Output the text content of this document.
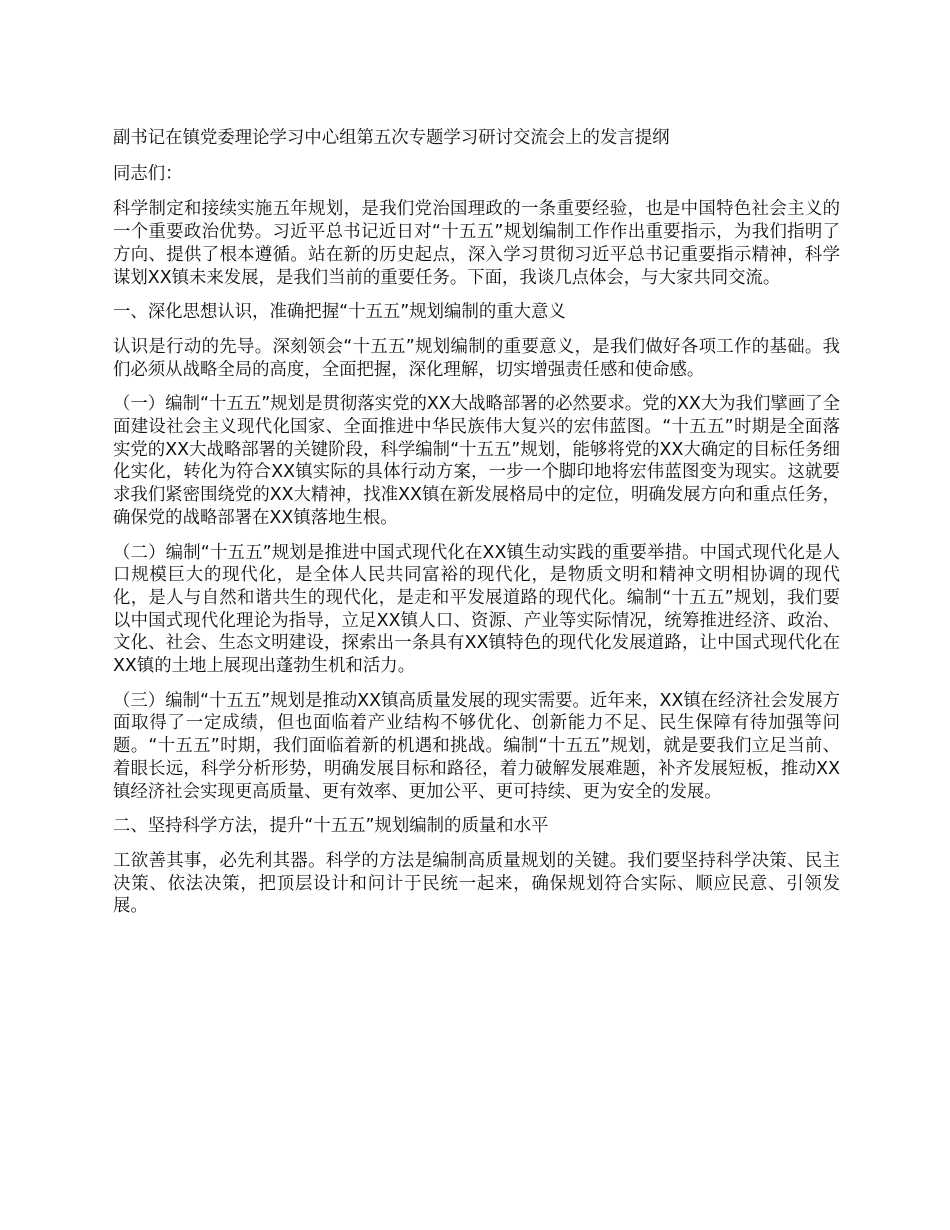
副书记在镇党委理论学习中心组第五次专题学习研讨交流会上的发言提纲

同志们：

科学制定和接续实施五年规划，是我们党治国理政的一条重要经验，也是中国特色社会主义的一个重要政治优势。习近平总书记近日对“十五五”规划编制工作作出重要指示，为我们指明了方向、提供了根本遵循。站在新的历史起点，深入学习贯彻习近平总书记重要指示精神，科学谋划XX镇未来发展，是我们当前的重要任务。下面，我谈几点体会，与大家共同交流。

一、深化思想认识，准确把握“十五五”规划编制的重大意义

认识是行动的先导。深刻领会“十五五”规划编制的重要意义，是我们做好各项工作的基础。我们必须从战略全局的高度，全面把握，深化理解，切实增强责任感和使命感。

（一）编制“十五五”规划是贯彻落实党的XX大战略部署的必然要求。党的XX大为我们擘画了全面建设社会主义现代化国家、全面推进中华民族伟大复兴的宏伟蓝图。“十五五”时期是全面落实党的XX大战略部署的关键阶段，科学编制“十五五”规划，能够将党的XX大确定的目标任务细化实化，转化为符合XX镇实际的具体行动方案，一步一个脚印地将宏伟蓝图变为现实。这就要求我们紧密围绕党的XX大精神，找准XX镇在新发展格局中的定位，明确发展方向和重点任务，确保党的战略部署在XX镇落地生根。

（二）编制“十五五”规划是推进中国式现代化在XX镇生动实践的重要举措。中国式现代化是人口规模巨大的现代化，是全体人民共同富裕的现代化，是物质文明和精神文明相协调的现代化，是人与自然和谐共生的现代化，是走和平发展道路的现代化。编制“十五五”规划，我们要以中国式现代化理论为指导，立足XX镇人口、资源、产业等实际情况，统筹推进经济、政治、文化、社会、生态文明建设，探索出一条具有XX镇特色的现代化发展道路，让中国式现代化在XX镇的土地上展现出蓬勃生机和活力。

（三）编制“十五五”规划是推动XX镇高质量发展的现实需要。近年来，XX镇在经济社会发展方面取得了一定成绩，但也面临着产业结构不够优化、创新能力不足、民生保障有待加强等问题。“十五五”时期，我们面临着新的机遇和挑战。编制“十五五”规划，就是要我们立足当前、着眼长远，科学分析形势，明确发展目标和路径，着力破解发展难题，补齐发展短板，推动XX镇经济社会实现更高质量、更有效率、更加公平、更可持续、更为安全的发展。

二、坚持科学方法，提升“十五五”规划编制的质量和水平

工欲善其事，必先利其器。科学的方法是编制高质量规划的关键。我们要坚持科学决策、民主决策、依法决策，把顶层设计和问计于民统一起来，确保规划符合实际、顺应民意、引领发展。
